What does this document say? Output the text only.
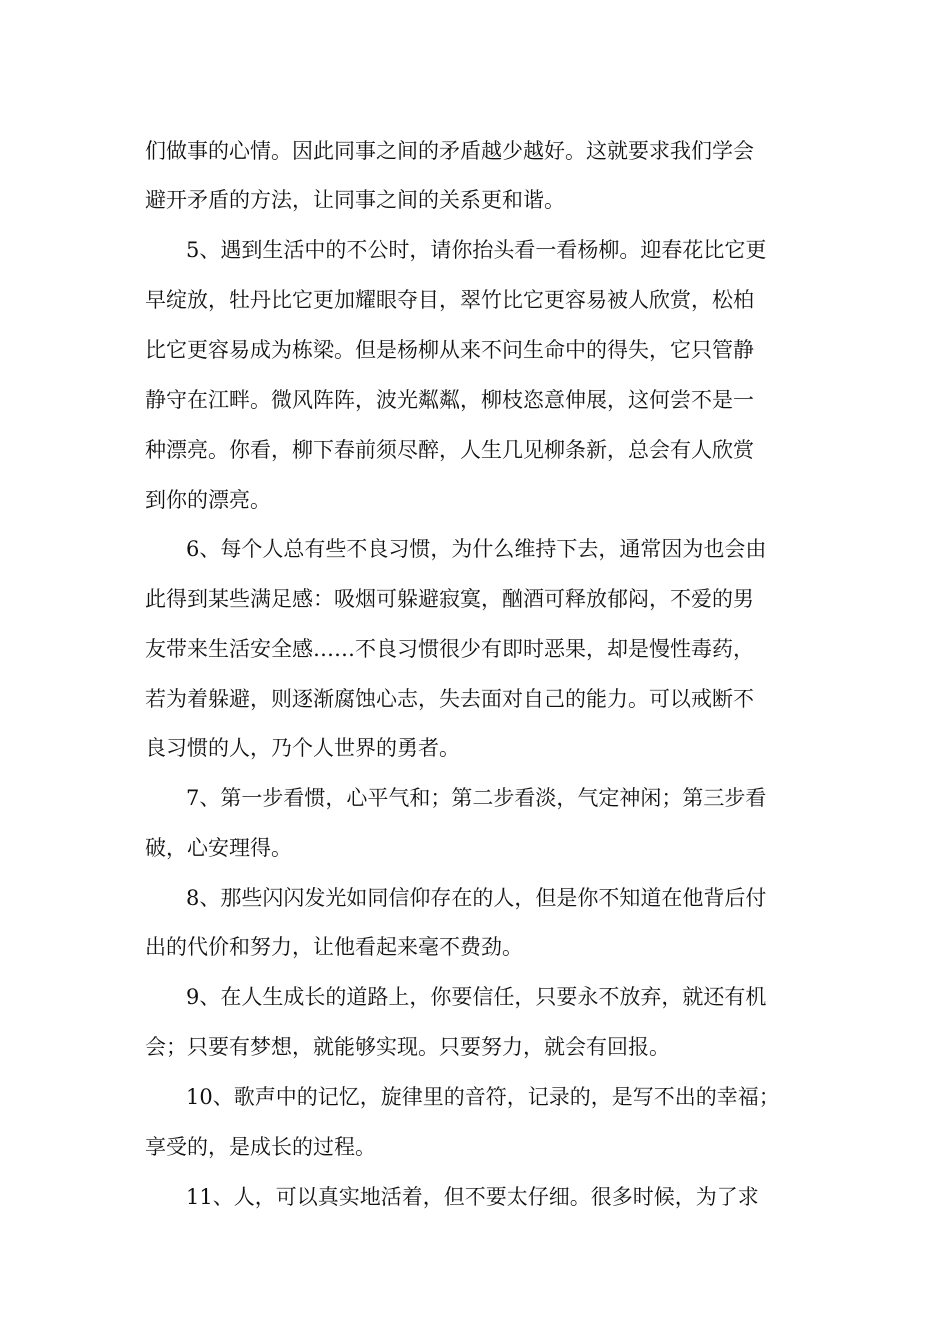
们做事的心情。因此同事之间的矛盾越少越好。这就要求我们学会

避开矛盾的方法，让同事之间的关系更和谐。

5、遇到生活中的不公时，请你抬头看一看杨柳。迎春花比它更

早绽放，牡丹比它更加耀眼夺目，翠竹比它更容易被人欣赏，松柏

比它更容易成为栋梁。但是杨柳从来不问生命中的得失，它只管静

静守在江畔。微风阵阵，波光粼粼，柳枝恣意伸展，这何尝不是一

种漂亮。你看，柳下春前须尽醉，人生几见柳条新，总会有人欣赏

到你的漂亮。

6、每个人总有些不良习惯，为什么维持下去，通常因为也会由

此得到某些满足感：吸烟可躲避寂寞，酗酒可释放郁闷，不爱的男

友带来生活安全感……不良习惯很少有即时恶果，却是慢性毒药，

若为着躲避，则逐渐腐蚀心志，失去面对自己的能力。可以戒断不

良习惯的人，乃个人世界的勇者。

7、第一步看惯，心平气和；第二步看淡，气定神闲；第三步看

破，心安理得。

8、那些闪闪发光如同信仰存在的人，但是你不知道在他背后付

出的代价和努力，让他看起来毫不费劲。

9、在人生成长的道路上，你要信任，只要永不放弃，就还有机

会；只要有梦想，就能够实现。只要努力，就会有回报。

10、歌声中的记忆，旋律里的音符，记录的，是写不出的幸福；

享受的，是成长的过程。

11、人，可以真实地活着，但不要太仔细。很多时候，为了求
